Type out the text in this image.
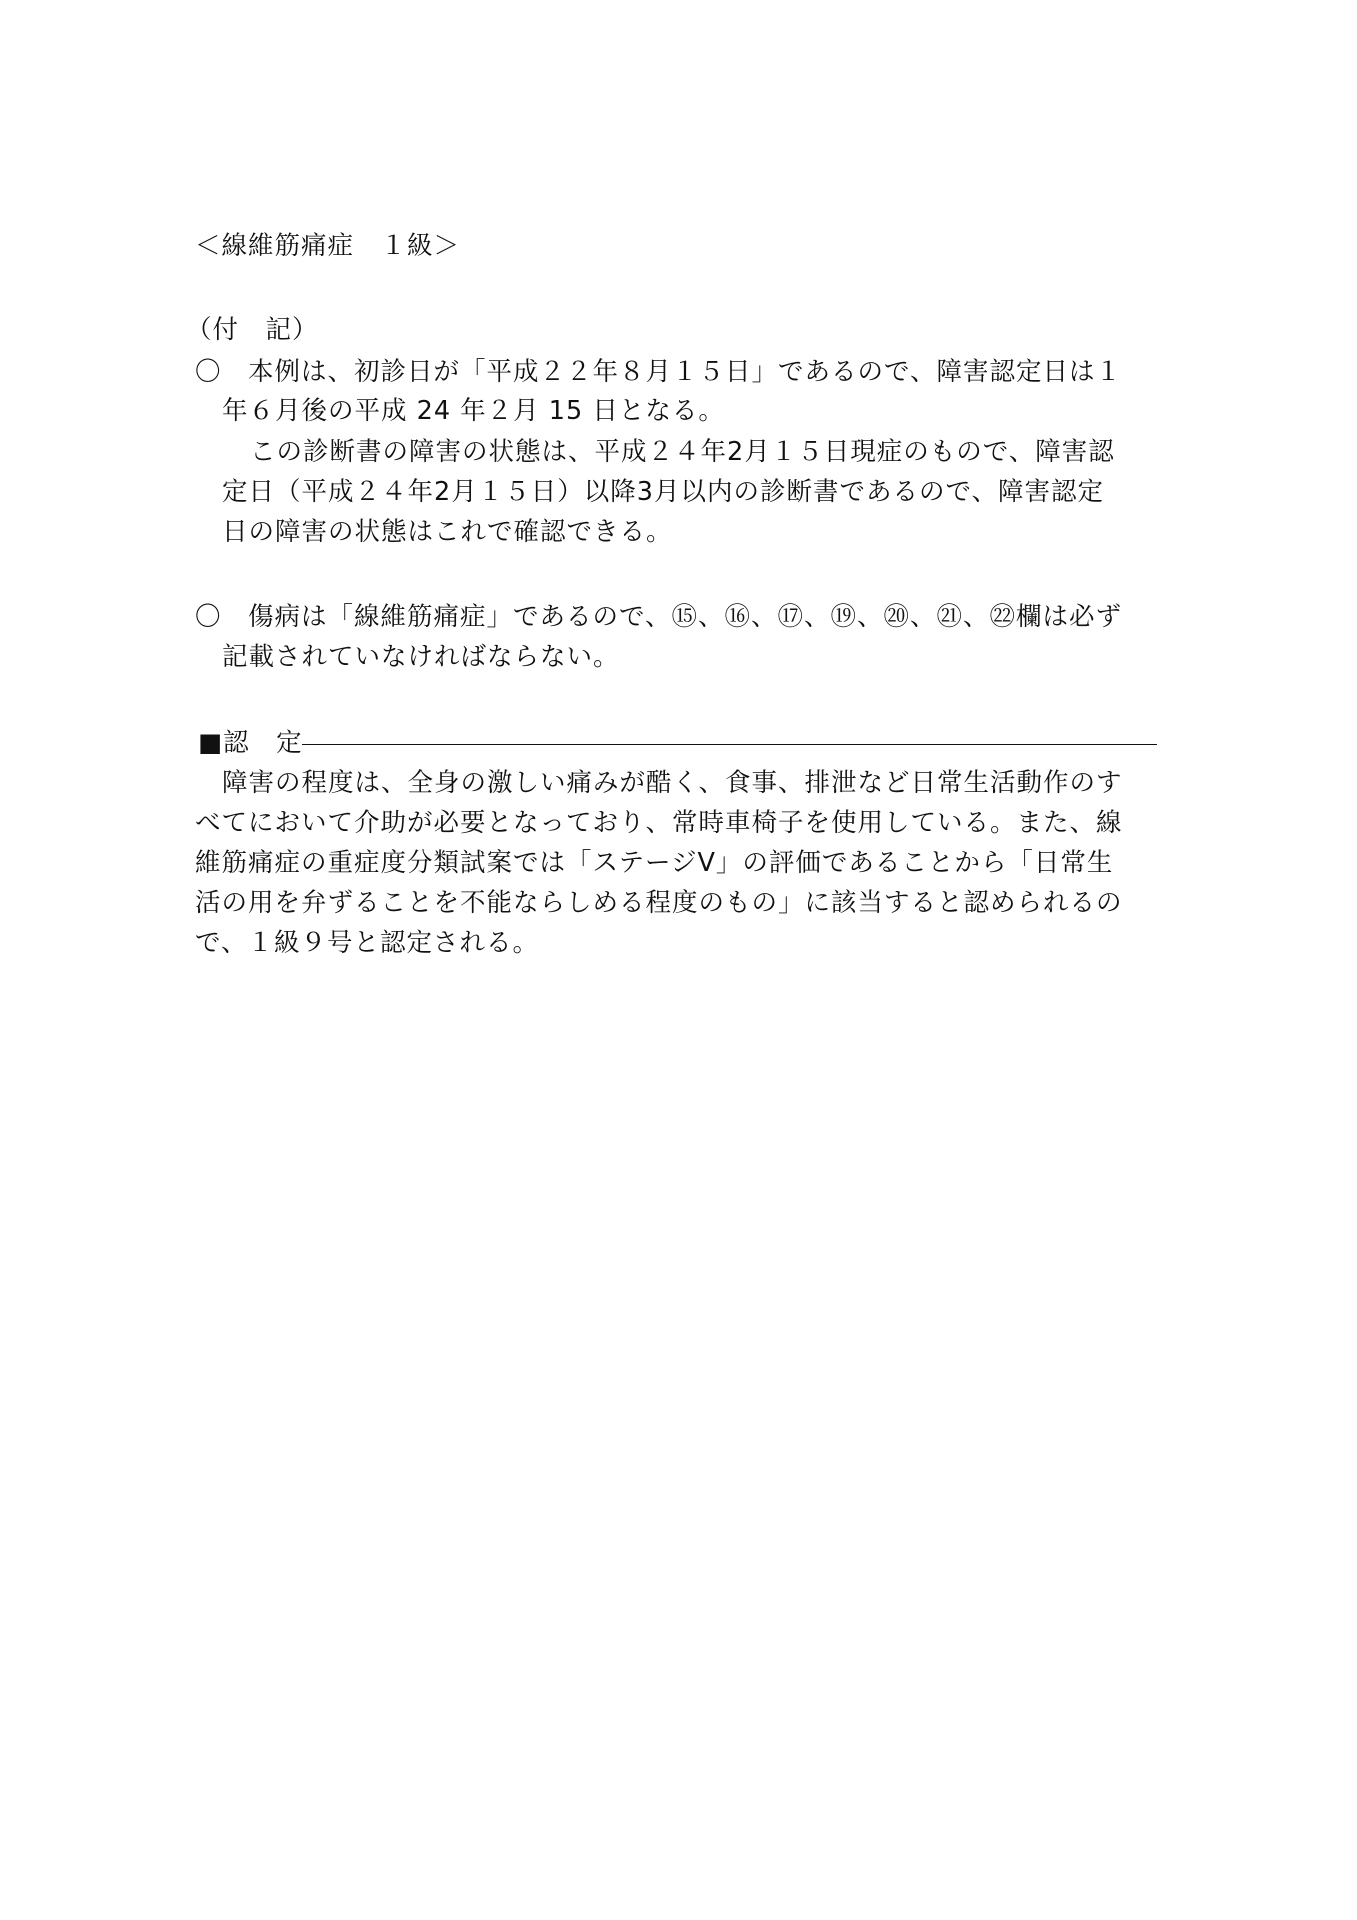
＜線維筋痛症　１級＞
（付　記）
〇　本例は、初診日が「平成２２年８月１５日」であるので、障害認定日は１
年６月後の平成 24 年２月 15 日となる。
この診断書の障害の状態は、平成２４年2月１５日現症のもので、障害認
定日（平成２４年2月１５日）以降3月以内の診断書であるので、障害認定
日の障害の状態はこれで確認できる。
〇　傷病は「線維筋痛症」であるので、⑮、⑯、⑰、⑲、⑳、㉑、㉒欄は必ず
記載されていなければならない。
■認　定
障害の程度は、全身の激しい痛みが酷く、食事、排泄など日常生活動作のす
べてにおいて介助が必要となっており、常時車椅子を使用している。また、線
維筋痛症の重症度分類試案では「ステージⅤ」の評価であることから「日常生
活の用を弁ずることを不能ならしめる程度のもの」に該当すると認められるの
で、１級９号と認定される。
